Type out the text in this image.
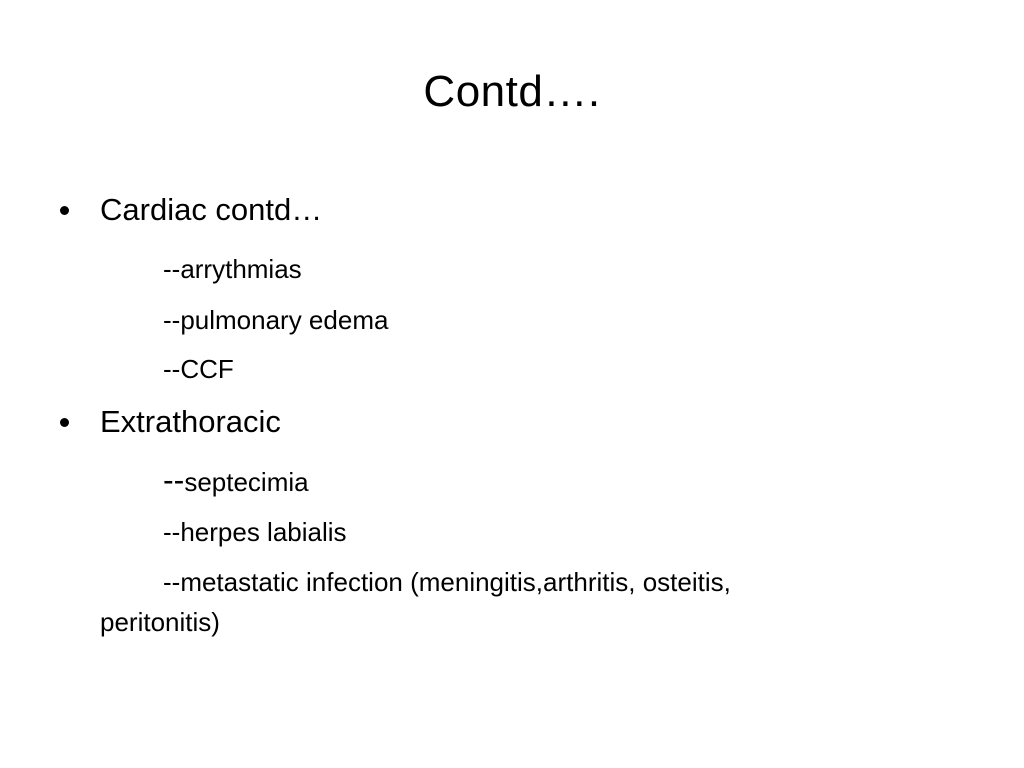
Contd….
Cardiac contd…
--arrythmias
--pulmonary edema
--CCF
Extrathoracic
--septecimia
--herpes labialis
--metastatic infection (meningitis,arthritis, osteitis,
peritonitis)
